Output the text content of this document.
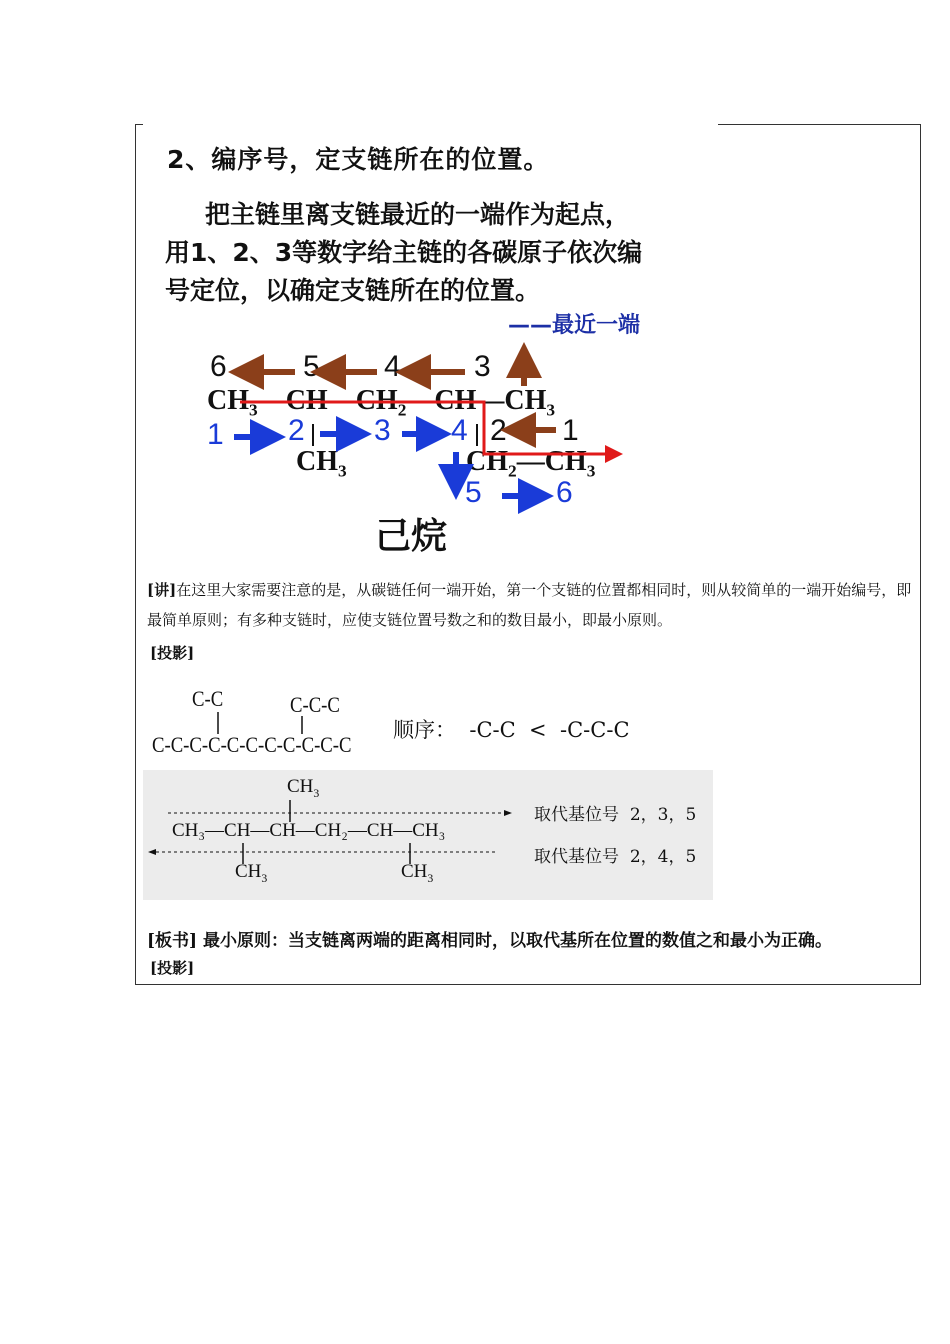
2、编序号，定支链所在的位置。
把主链里离支链最近的一端作为起点，
用1、2、3等数字给主链的各碳原子依次编
号定位，以确定支链所在的位置。
——最近一端
6	5 4 3
2 1
1 2 3 4
5 6
$CH_3—CH—CH_2—CH—CH_3$
$CH_3$	$CH_2—CH_3$
己烷
[讲]在这里大家需要注意的是，从碳链任何一端开始，第一个支链的位置都相同时，则从较简单的一端开始编号，即最简单原则；有多种支链时，应使支链位置号数之和的数目最小，即最小原则。
[投影]
C-C	C-C-C
C-C-C-C-C-C-C-C-C-C-C
顺序： -C-C < -C-C-C
$CH_3$
CH₃—CH—CH—CH₂—CH—CH₃
$CH_3$	$CH_3$
取代基位号 2，3，5
取代基位号 2，4，5
[板书] 最小原则：当支链离两端的距离相同时，以取代基所在位置的数值之和最小为正确。
[投影]
